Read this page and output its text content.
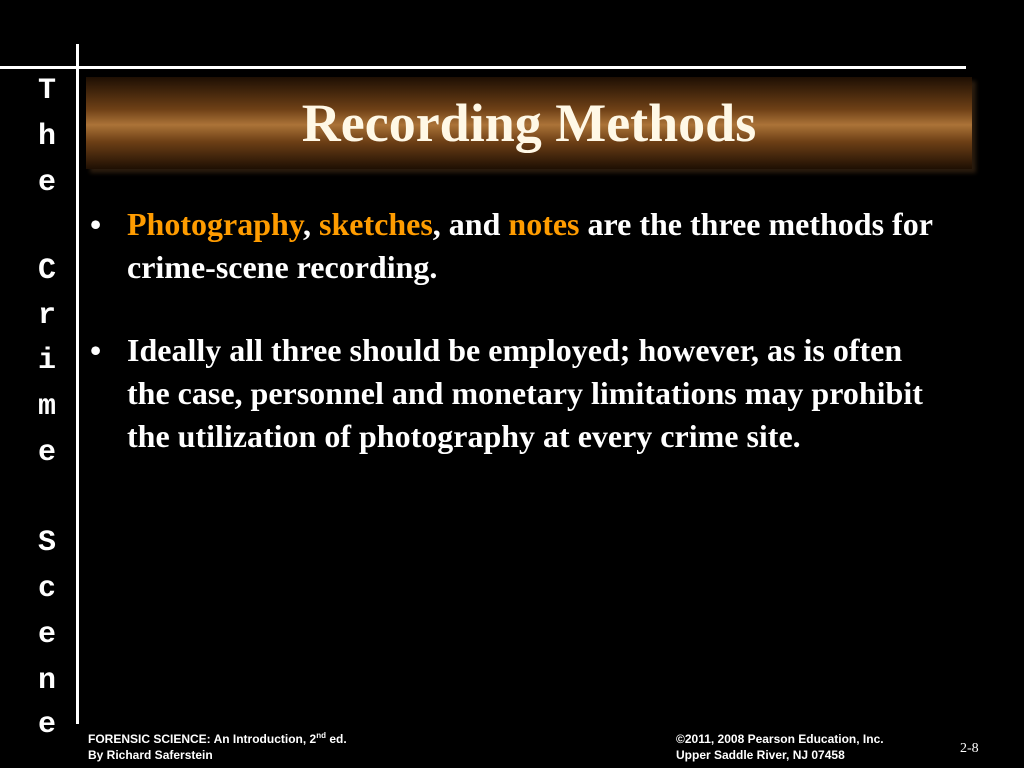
T
h
e
C
r
i
m
e
S
c
e
n
e
Recording Methods
• Photography, sketches, and notes are the three methods for crime-scene recording.
• Ideally all three should be employed; however, as is often the case, personnel and monetary limitations may prohibit the utilization of photography at every crime site.
FORENSIC SCIENCE: An Introduction, 2nd ed.
By Richard Saferstein
©2011, 2008 Pearson Education, Inc.
Upper Saddle River, NJ 07458	2-8
